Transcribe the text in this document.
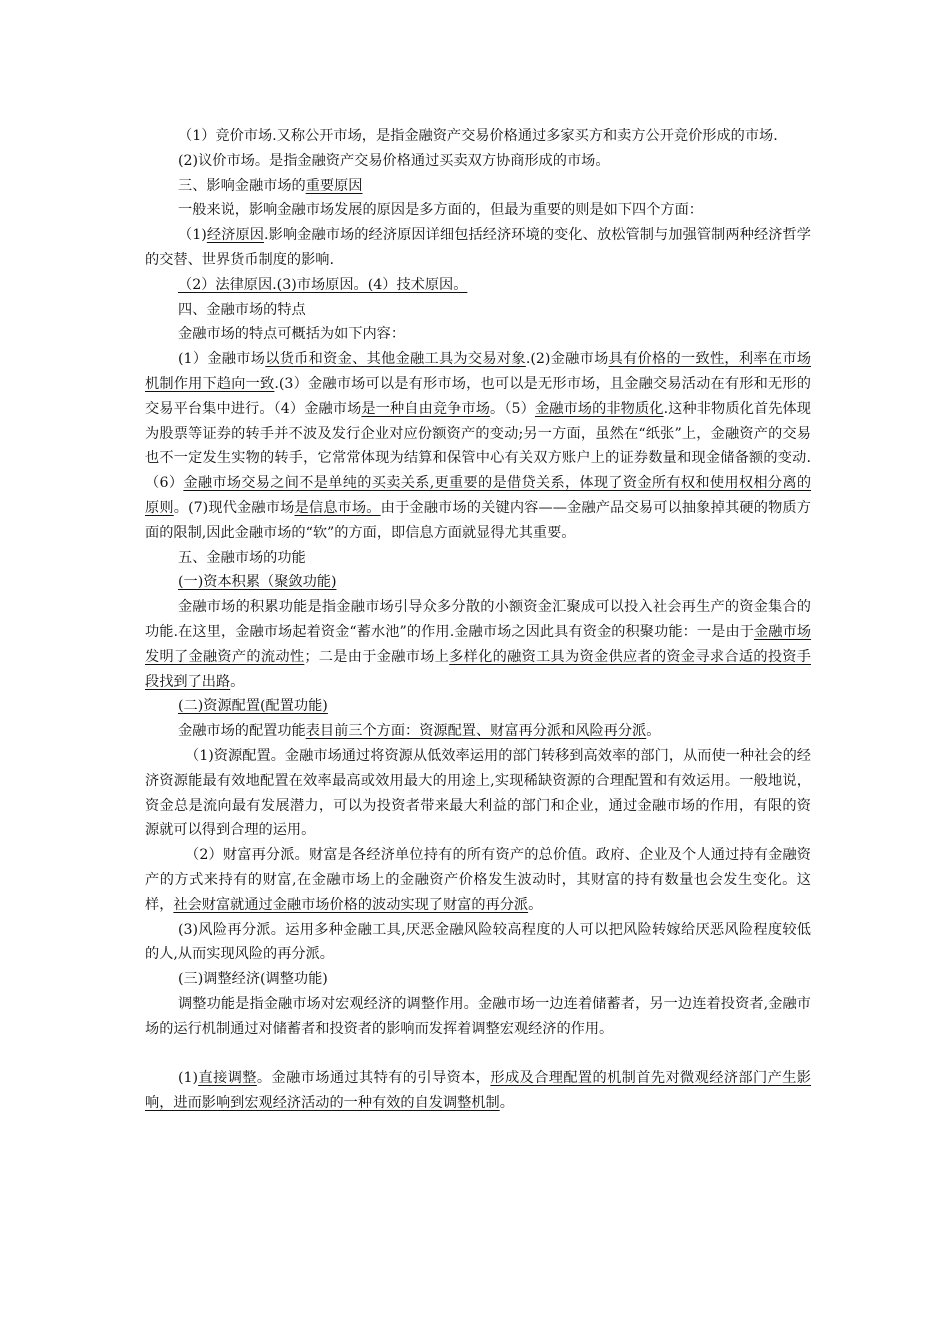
（1）竞价市场.又称公开市场，是指金融资产交易价格通过多家买方和卖方公开竞价形成的市场.

(2)议价市场。是指金融资产交易价格通过买卖双方协商形成的市场。

三、影响金融市场的重要原因

一般来说，影响金融市场发展的原因是多方面的，但最为重要的则是如下四个方面：

（1)经济原因.影响金融市场的经济原因详细包括经济环境的变化、放松管制与加强管制两种经济哲学的交替、世界货币制度的影响.

（2）法律原因.(3)市场原因。(4）技术原因。

四、金融市场的特点

金融市场的特点可概括为如下内容：

(1）金融市场以货币和资金、其他金融工具为交易对象.(2)金融市场具有价格的一致性，利率在市场机制作用下趋向一致.(3）金融市场可以是有形市场，也可以是无形市场，且金融交易活动在有形和无形的交易平台集中进行。（4）金融市场是一种自由竞争市场。（5）金融市场的非物质化.这种非物质化首先体现为股票等证券的转手并不波及发行企业对应份额资产的变动;另一方面，虽然在“纸张”上，金融资产的交易也不一定发生实物的转手，它常常体现为结算和保管中心有关双方账户上的证券数量和现金储备额的变动.（6）金融市场交易之间不是单纯的买卖关系,更重要的是借贷关系，体现了资金所有权和使用权相分离的原则。(7)现代金融市场是信息市场。由于金融市场的关键内容——金融产品交易可以抽象掉其硬的物质方面的限制,因此金融市场的“软”的方面，即信息方面就显得尤其重要。

五、金融市场的功能

(一)资本积累（聚敛功能)

金融市场的积累功能是指金融市场引导众多分散的小额资金汇聚成可以投入社会再生产的资金集合的功能.在这里，金融市场起着资金“蓄水池”的作用.金融市场之因此具有资金的积聚功能：一是由于金融市场发明了金融资产的流动性；二是由于金融市场上多样化的融资工具为资金供应者的资金寻求合适的投资手段找到了出路。

(二)资源配置(配置功能)

金融市场的配置功能表目前三个方面：资源配置、财富再分派和风险再分派。

（1)资源配置。金融市场通过将资源从低效率运用的部门转移到高效率的部门，从而使一种社会的经济资源能最有效地配置在效率最高或效用最大的用途上,实现稀缺资源的合理配置和有效运用。一般地说，资金总是流向最有发展潜力，可以为投资者带来最大利益的部门和企业，通过金融市场的作用，有限的资源就可以得到合理的运用。

（2）财富再分派。财富是各经济单位持有的所有资产的总价值。政府、企业及个人通过持有金融资产的方式来持有的财富,在金融市场上的金融资产价格发生波动时，其财富的持有数量也会发生变化。这样，社会财富就通过金融市场价格的波动实现了财富的再分派。

(3)风险再分派。运用多种金融工具,厌恶金融风险较高程度的人可以把风险转嫁给厌恶风险程度较低的人,从而实现风险的再分派。

(三)调整经济(调整功能)

调整功能是指金融市场对宏观经济的调整作用。金融市场一边连着储蓄者，另一边连着投资者,金融市场的运行机制通过对储蓄者和投资者的影响而发挥着调整宏观经济的作用。

(1)直接调整。金融市场通过其特有的引导资本，形成及合理配置的机制首先对微观经济部门产生影响，进而影响到宏观经济活动的一种有效的自发调整机制。
